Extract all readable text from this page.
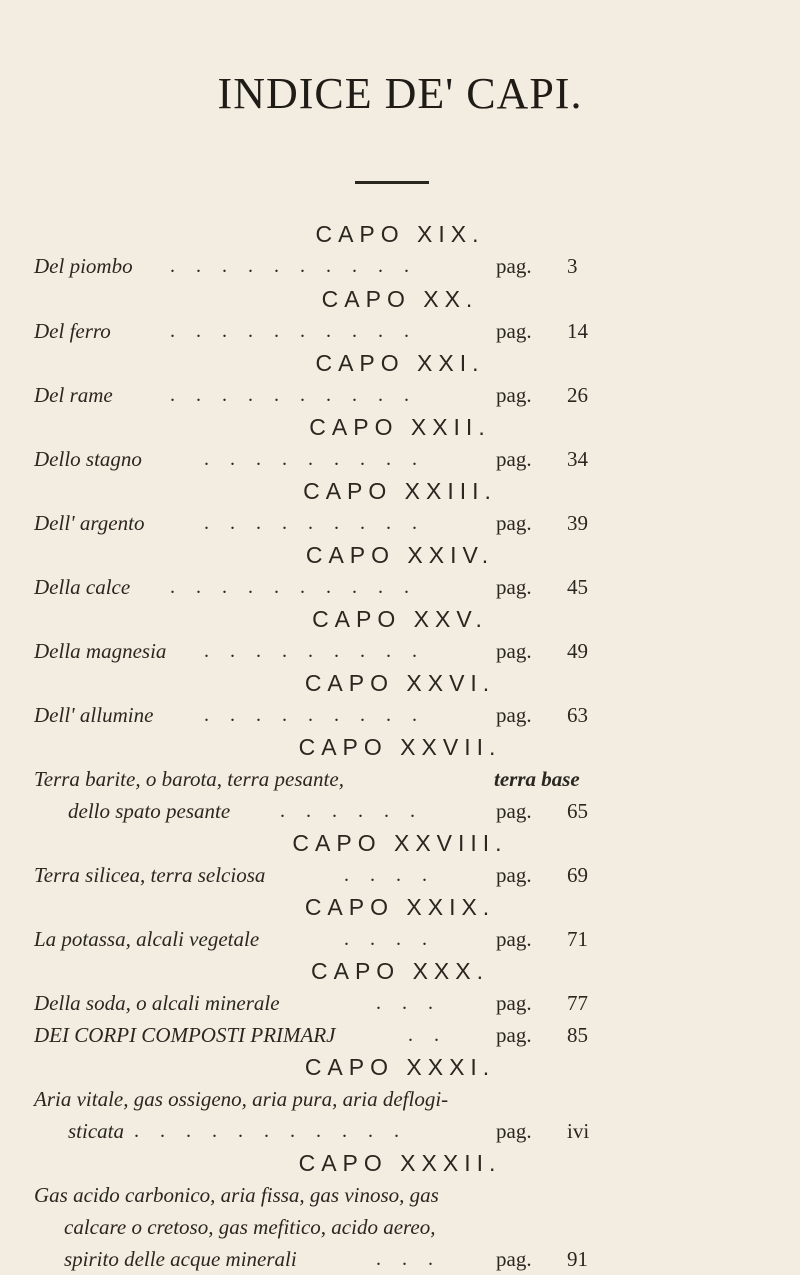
INDICE DE' CAPI.
CAPO XIX.
Del piombo . . . . . . . . . .	pag. 3
CAPO XX.
Del ferro	. . . . . . . . . .	pag. 14
CAPO XXI.
Del rame	. . . . . . . . . .	pag. 26
CAPO XXII.
Dello stagno	. . . . . . . . .	pag. 34
CAPO XXIII.
Dell' argento	. . . . . . . . .	pag. 39
CAPO XXIV.
Della calce . . . . . . . . . .	pag. 45
CAPO XXV.
Della magnesia . . . . . . . . .	pag. 49
CAPO XXVI.
Dell' allumine	. . . . . . . . .	pag. 63
CAPO XXVII.
Terra barite, o barota, terra pesante,	terra base
dello spato pesante . . . . . .	pag. 65
CAPO XXVIII.
Terra silicea, terra selciosa	. . . .	pag. 69
CAPO XXIX.
La potassa, alcali vegetale	. . . .	pag. 71
CAPO XXX.
Della soda, o alcali minerale	. . .	pag. 77
DEI CORPI COMPOSTI PRIMARJ	. . pag. 85
CAPO XXXI.
Aria vitale, gas ossigeno, aria pura, aria deflogi-
sticata . . . . . . . . . . .	pag. ivi
CAPO XXXII.
Gas acido carbonico, aria fissa, gas vinoso, gas
calcare o cretoso, gas mefitico, acido aereo,
spirito delle acque minerali	. . .	pag. 91
